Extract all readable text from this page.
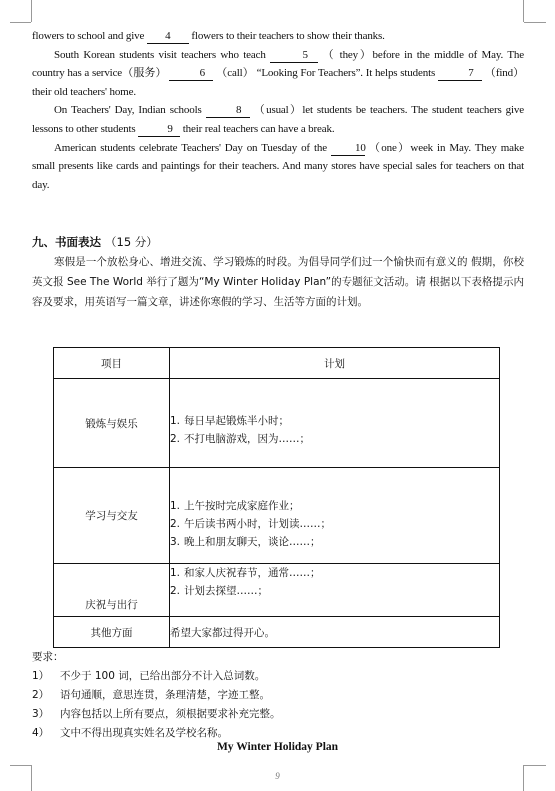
flowers to school and give 4 flowers to their teachers to show their thanks.

South Korean students visit teachers who teach	5 （ they）before in the middle of May. The country has a service（服务）	6 （call） “Looking For Teachers”. It helps students	7 （find）their old teachers' home.

On Teachers' Day, Indian schools	8 （usual）let students be teachers. The student teachers give lessons to other students	9 their real teachers can have a break.

American students celebrate Teachers' Day on Tuesday of the	10 （one）week in May. They make small presents like cards and paintings for their teachers. And many stores have special sales for teachers on that day.

九、书面表达 （15 分）

寒假是一个放松身心、增进交流、学习锻炼的时段。为倡导同学们过一个愉快而有意义的 假期，你校英文报 See The World 举行了题为“My Winter Holiday Plan”的专题征文活动。请 根据以下表格提示内容及要求，用英语写一篇文章，讲述你寒假的学习、生活等方面的计划。

项目	计划
锻炼与娱乐	1. 每日早起锻炼半小时；
2. 不打电脑游戏，因为……；

学习与交友	1. 上午按时完成家庭作业；
2. 午后读书两小时，计划读……；
3. 晚上和朋友聊天，谈论……；

庆祝与出行	1. 和家人庆祝春节，通常……；
2. 计划去探望……；

其他方面	希望大家都过得开心。
要求：
1） 不少于 100 词，已给出部分不计入总词数。
2） 语句通顺，意思连贯，条理清楚，字迹工整。
3） 内容包括以上所有要点，须根据要求补充完整。
4） 文中不得出现真实姓名及学校名称。
My Winter Holiday Plan
9
